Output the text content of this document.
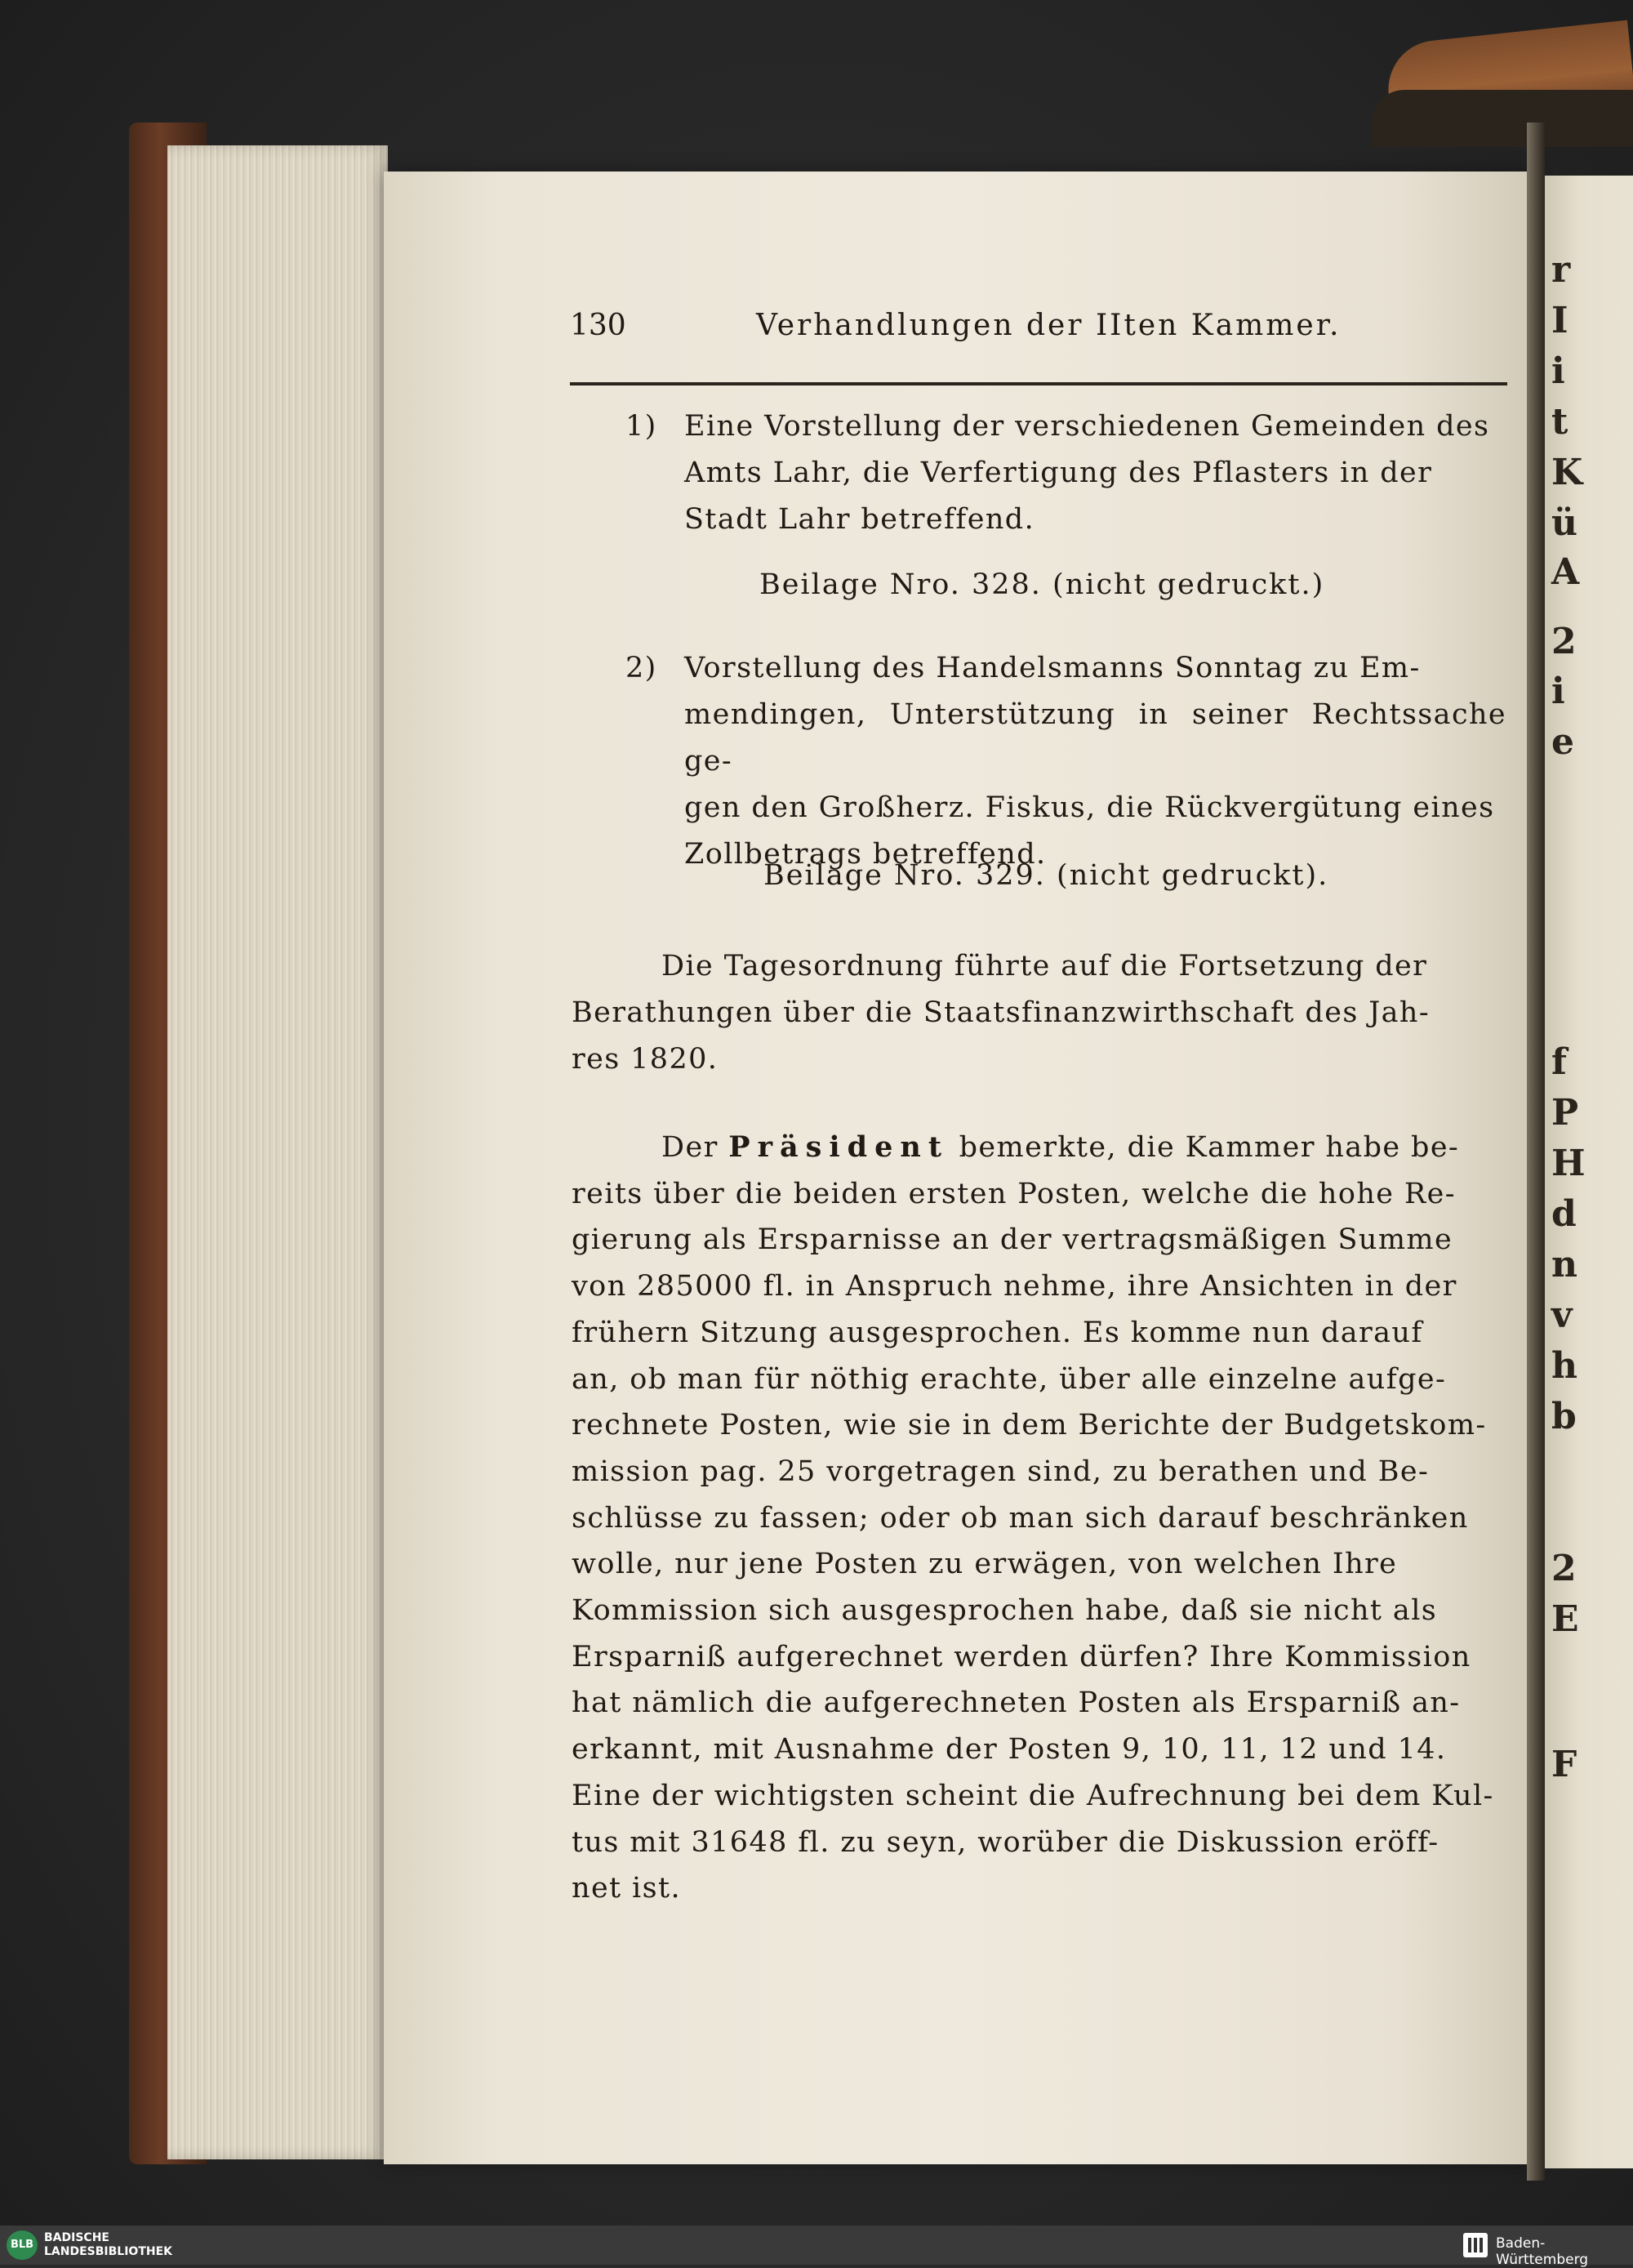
r
I
i
t
K
ü
A
2
i
e
f
P
H
d
n
v
h
b
2
E
F
130	Verhandlungen der IIten Kammer.
1) Eine Vorstellung der verschiedenen Gemeinden des
Amts Lahr, die Verfertigung des Pflasters in der
Stadt Lahr betreffend.
Beilage Nro. 328. (nicht gedruckt.)
2) Vorstellung des Handelsmanns Sonntag zu Em-
mendingen, Unterstützung in seiner Rechtssache ge-
gen den Großherz. Fiskus, die Rückvergütung eines
Zollbetrags betreffend.
Beilage Nro. 329. (nicht gedruckt).
Die Tagesordnung führte auf die Fortsetzung der
Berathungen über die Staatsfinanzwirthschaft des Jah-
res 1820.
Der Präsident bemerkte, die Kammer habe be-
reits über die beiden ersten Posten, welche die hohe Re-
gierung als Ersparnisse an der vertragsmäßigen Summe
von 285000 fl. in Anspruch nehme, ihre Ansichten in der
frühern Sitzung ausgesprochen. Es komme nun darauf
an, ob man für nöthig erachte, über alle einzelne aufge-
rechnete Posten, wie sie in dem Berichte der Budgetskom-
mission pag. 25 vorgetragen sind, zu berathen und Be-
schlüsse zu fassen; oder ob man sich darauf beschränken
wolle, nur jene Posten zu erwägen, von welchen Ihre
Kommission sich ausgesprochen habe, daß sie nicht als
Ersparniß aufgerechnet werden dürfen? Ihre Kommission
hat nämlich die aufgerechneten Posten als Ersparniß an-
erkannt, mit Ausnahme der Posten 9, 10, 11, 12 und 14.
Eine der wichtigsten scheint die Aufrechnung bei dem Kul-
tus mit 31648 fl. zu seyn, worüber die Diskussion eröff-
net ist.
BLB
BADISCHE
LANDESBIBLIOTHEK	Baden-Württemberg
